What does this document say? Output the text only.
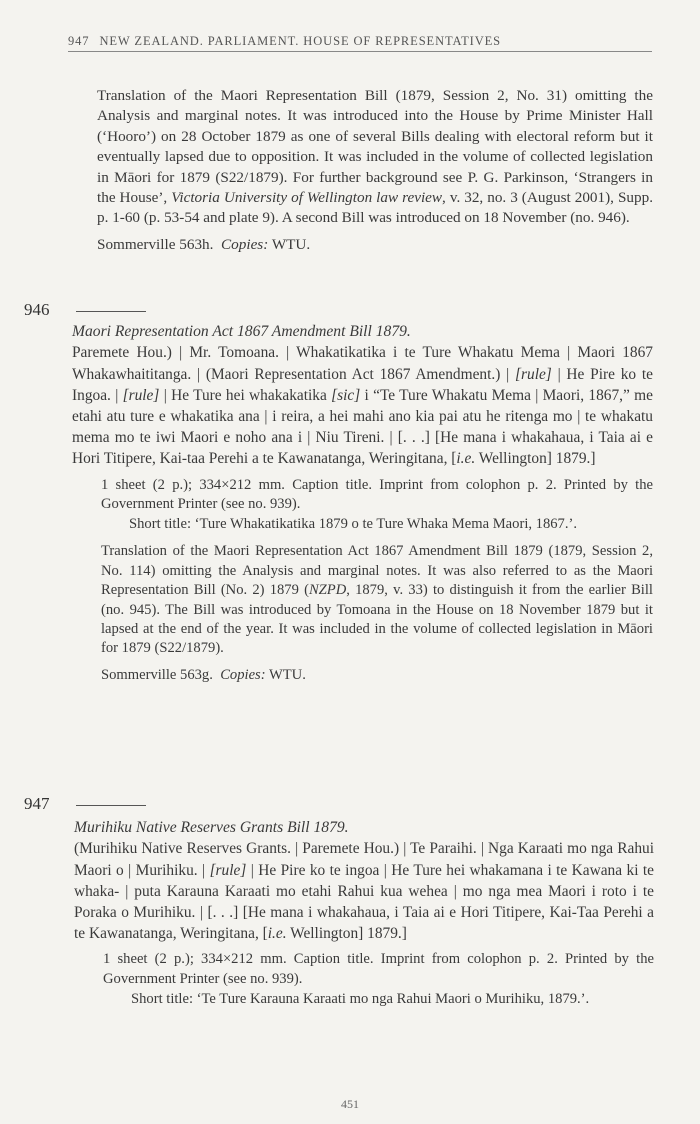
947 NEW ZEALAND. PARLIAMENT. HOUSE OF REPRESENTATIVES

Translation of the Maori Representation Bill (1879, Session 2, No. 31) omitting the Analysis and marginal notes. It was introduced into the House by Prime Minister Hall (‘Hooro’) on 28 October 1879 as one of several Bills dealing with electoral reform but it eventually lapsed due to opposition. It was included in the volume of collected legislation in Māori for 1879 (S22/1879). For further background see P. G. Parkinson, ‘Strangers in the House’, Victoria University of Wellington law review, v. 32, no. 3 (August 2001), Supp. p. 1-60 (p. 53-54 and plate 9). A second Bill was introduced on 18 November (no. 946).

Sommerville 563h. Copies: WTU.

946

Maori Representation Act 1867 Amendment Bill 1879.

Paremete Hou.) | Mr. Tomoana. | Whakatikatika i te Ture Whakatu Mema | Maori 1867 Whakawhaititanga. | (Maori Representation Act 1867 Amendment.) | [rule] | He Pire ko te Ingoa. | [rule] | He Ture hei whakakatika [sic] i “Te Ture Whakatu Mema | Maori, 1867,” me etahi atu ture e whakatika ana | i reira, a hei mahi ano kia pai atu he ritenga mo | te whakatu mema mo te iwi Maori e noho ana i | Niu Tireni. | [. . .] [He mana i whakahaua, i Taia ai e Hori Titipere, Kai-taa Perehi a te Kawanatanga, Weringitana, [i.e. Wellington] 1879.]

1 sheet (2 p.); 334×212 mm. Caption title. Imprint from colophon p. 2. Printed by the Government Printer (see no. 939).

Short title: ‘Ture Whakatikatika 1879 o te Ture Whaka Mema Maori, 1867.’.

Translation of the Maori Representation Act 1867 Amendment Bill 1879 (1879, Session 2, No. 114) omitting the Analysis and marginal notes. It was also referred to as the Maori Representation Bill (No. 2) 1879 (NZPD, 1879, v. 33) to distinguish it from the earlier Bill (no. 945). The Bill was introduced by Tomoana in the House on 18 November 1879 but it lapsed at the end of the year. It was included in the volume of collected legislation in Māori for 1879 (S22/1879).

Sommerville 563g. Copies: WTU.

947

Murihiku Native Reserves Grants Bill 1879.

(Murihiku Native Reserves Grants. | Paremete Hou.) | Te Paraihi. | Nga Karaati mo nga Rahui Maori o | Murihiku. | [rule] | He Pire ko te ingoa | He Ture hei whakamana i te Kawana ki te whaka- | puta Karauna Karaati mo etahi Rahui kua wehea | mo nga mea Maori i roto i te Poraka o Murihiku. | [. . .] [He mana i whakahaua, i Taia ai e Hori Titipere, Kai-Taa Perehi a te Kawanatanga, Weringitana, [i.e. Wellington] 1879.]

1 sheet (2 p.); 334×212 mm. Caption title. Imprint from colophon p. 2. Printed by the Government Printer (see no. 939).

Short title: ‘Te Ture Karauna Karaati mo nga Rahui Maori o Murihiku, 1879.’.

451
